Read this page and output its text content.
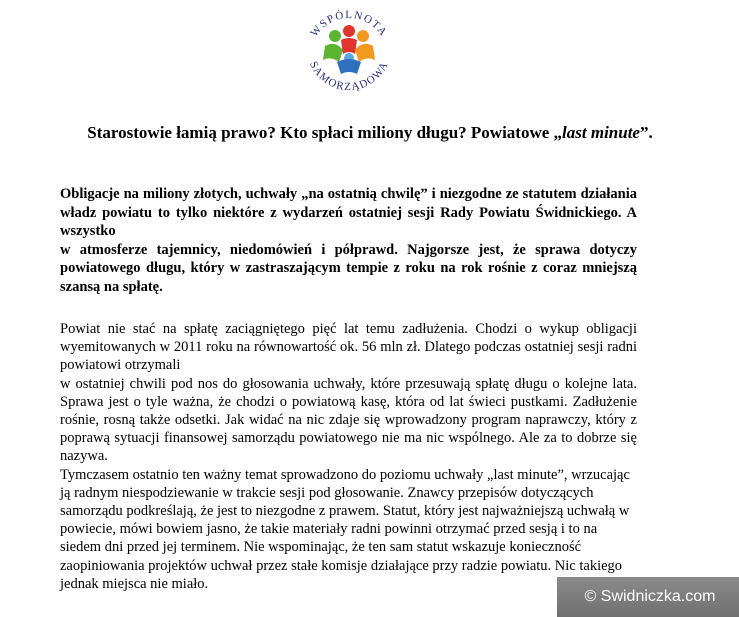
WSPÓLNOTA
SAMORZĄDOWA
Starostowie łamią prawo? Kto spłaci miliony długu? Powiatowe „last minute”.

Obligacje na miliony złotych, uchwały „na ostatnią chwilę” i niezgodne ze statutem działania władz powiatu to tylko niektóre z wydarzeń ostatniej sesji Rady Powiatu Świdnickiego. A wszystko

w atmosferze tajemnicy, niedomówień i półprawd. Najgorsze jest, że sprawa dotyczy powiatowego długu, który w zastraszającym tempie z roku na rok rośnie z coraz mniejszą szansą na spłatę.

Powiat nie stać na spłatę zaciągniętego pięć lat temu zadłużenia. Chodzi o wykup obligacji wyemitowanych w 2011 roku na równowartość ok. 56 mln zł. Dlatego podczas ostatniej sesji radni powiatowi otrzymali

w ostatniej chwili pod nos do głosowania uchwały, które przesuwają spłatę długu o kolejne lata. Sprawa jest o tyle ważna, że chodzi o powiatową kasę, która od lat świeci pustkami. Zadłużenie rośnie, rosną także odsetki. Jak widać na nic zdaje się wprowadzony program naprawczy, który z poprawą sytuacji finansowej samorządu powiatowego nie ma nic wspólnego. Ale za to dobrze się nazywa.

Tymczasem ostatnio ten ważny temat sprowadzono do poziomu uchwały „last minute”, wrzucając ją radnym niespodziewanie w trakcie sesji pod głosowanie. Znawcy przepisów dotyczących samorządu podkreślają, że jest to niezgodne z prawem. Statut, który jest najważniejszą uchwałą w powiecie, mówi bowiem jasno, że takie materiały radni powinni otrzymać przed sesją i to na siedem dni przed jej terminem. Nie wspominając, że ten sam statut wskazuje konieczność zaopiniowania projektów uchwał przez stałe komisje działające przy radzie powiatu. Nic takiego jednak miejsca nie miało.

© Swidniczka.com
